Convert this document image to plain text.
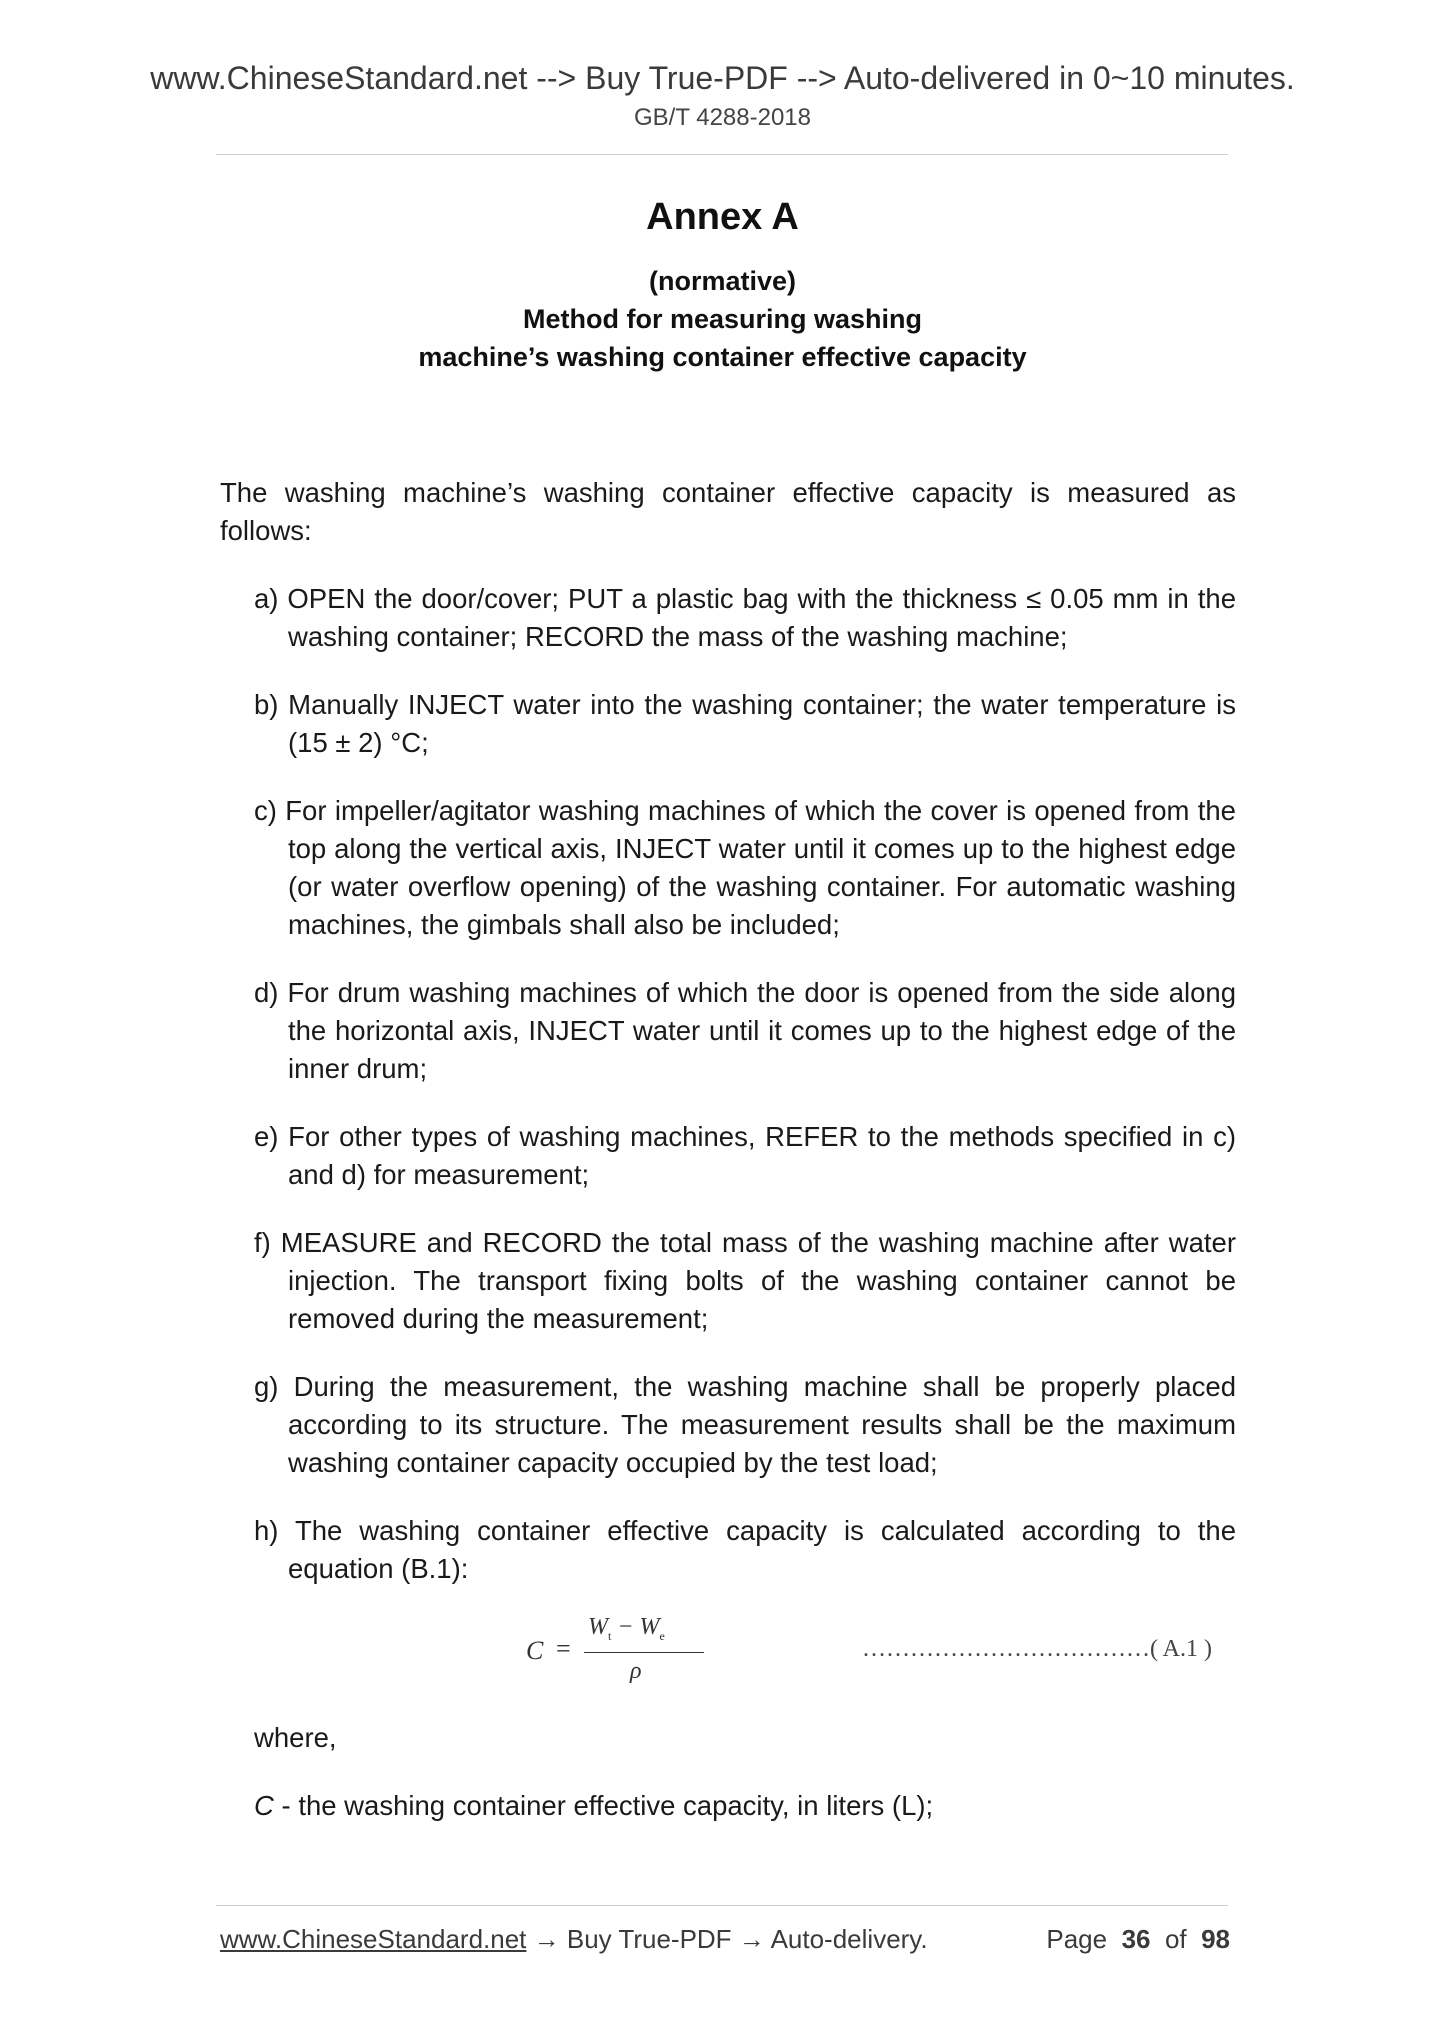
www.ChineseStandard.net --> Buy True-PDF --> Auto-delivered in 0~10 minutes.
GB/T 4288-2018
Annex A
(normative)
Method for measuring washing
machine’s washing container effective capacity
The washing machine’s washing container effective capacity is measured as follows:
a) OPEN the door/cover; PUT a plastic bag with the thickness ≤ 0.05 mm in the washing container; RECORD the mass of the washing machine;
b) Manually INJECT water into the washing container; the water temperature is (15 ± 2) °C;
c) For impeller/agitator washing machines of which the cover is opened from the top along the vertical axis, INJECT water until it comes up to the highest edge (or water overflow opening) of the washing container. For automatic washing machines, the gimbals shall also be included;
d) For drum washing machines of which the door is opened from the side along the horizontal axis, INJECT water until it comes up to the highest edge of the inner drum;
e) For other types of washing machines, REFER to the methods specified in c) and d) for measurement;
f) MEASURE and RECORD the total mass of the washing machine after water injection. The transport fixing bolts of the washing container cannot be removed during the measurement;
g) During the measurement, the washing machine shall be properly placed according to its structure. The measurement results shall be the maximum washing container capacity occupied by the test load;
h) The washing container effective capacity is calculated according to the equation (B.1):
C =
$W_t - W_e$
ρ
………………………………( A.1 )
where,
C - the washing container effective capacity, in liters (L);
www.ChineseStandard.net → Buy True-PDF → Auto-delivery.	Page 36 of 98
